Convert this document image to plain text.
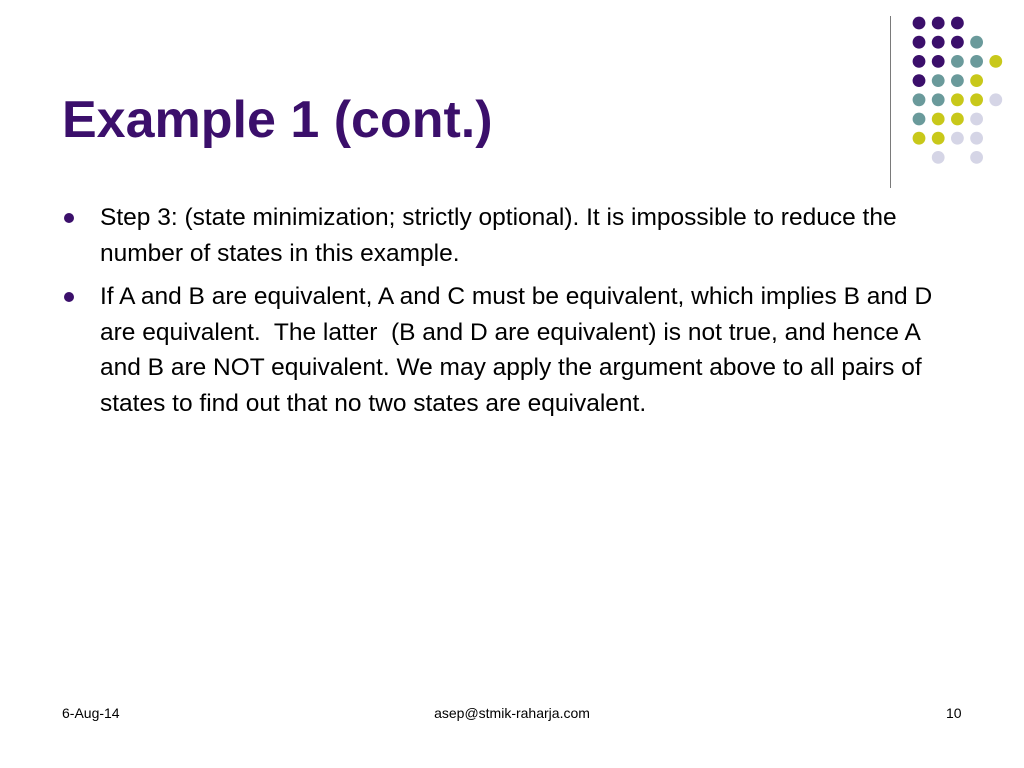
Example 1 (cont.)
Step 3: (state minimization; strictly optional). It is impossible to reduce the number of states in this example.
If A and B are equivalent, A and C must be equivalent, which implies B and D are equivalent.  The latter  (B and D are equivalent) is not true, and hence A and B are NOT equivalent. We may apply the argument above to all pairs of states to find out that no two states are equivalent.
6-Aug-14	asep@stmik-raharja.com	10
